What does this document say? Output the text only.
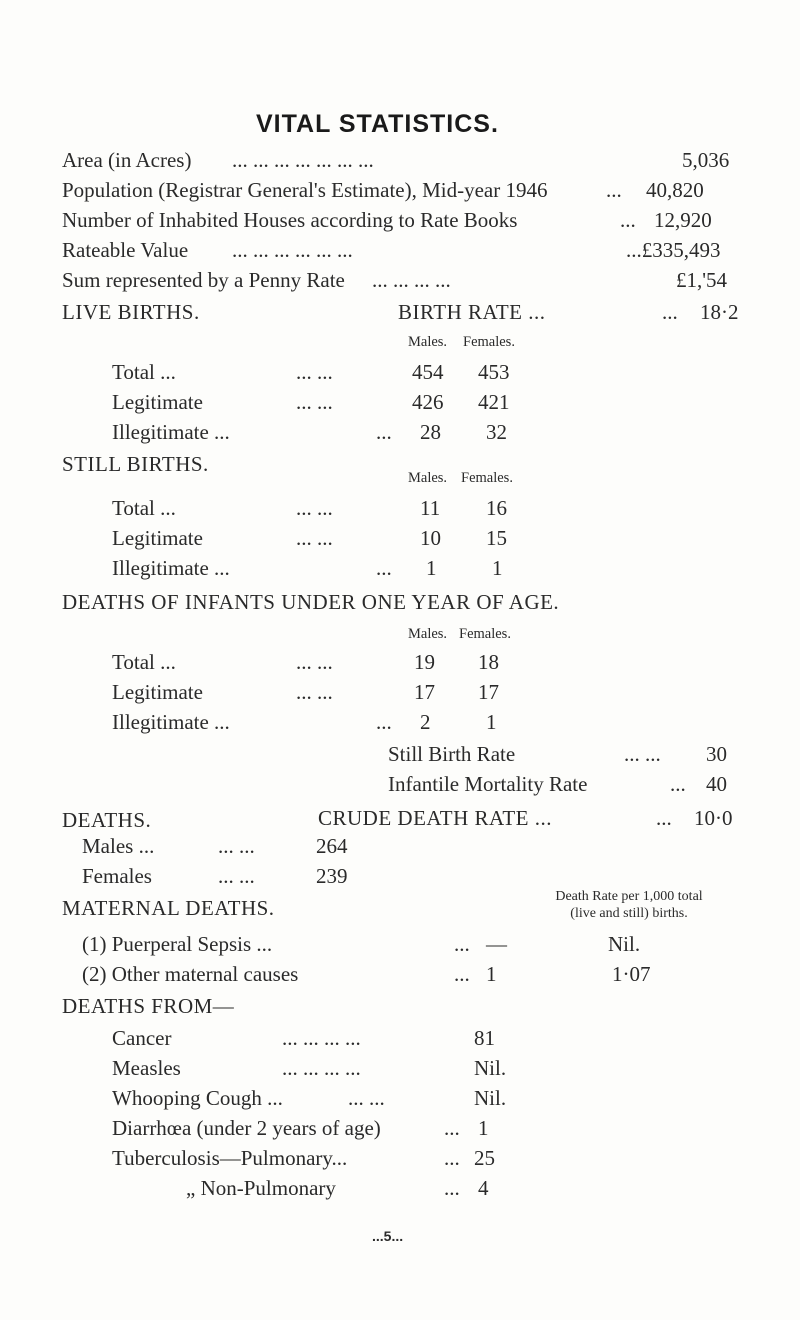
VITAL STATISTICS.
Area (in Acres) ... ... ... ... ... ... ...	5,036
Population (Registrar General's Estimate), Mid-year 1946	... 40,820
Number of Inhabited Houses according to Rate Books	... 12,920
Rateable Value ... ... ... ... ... ...	...£335,493
Sum represented by a Penny Rate ... ... ... ...	£1,'54
LIVE BIRTHS.	BIRTH RATE ...	... 18·2
Males. Females.
Total ...	... ...	454 453
Legitimate	... ...	426 421
Illegitimate ...	... 28 32
STILL BIRTHS.
Males. Females.
Total ...	... ...	11 16
Legitimate	... ...	10 15
Illegitimate ...	... 1	1
DEATHS OF INFANTS UNDER ONE YEAR OF AGE.
Males. Females.
Total ...	... ...	19 18
Legitimate	... ...	17 17
Illegitimate ...	... 2	1
Still Birth Rate	... ... 30
Infantile Mortality Rate	... 40
DEATHS.	CRUDE DEATH RATE ...	... 10·0
Males ...	... ...	264
Females	... ...	239
MATERNAL DEATHS.	Death Rate per 1,000 total
(live and still) births.
(1) Puerperal Sepsis ...	... —	Nil.
(2) Other maternal causes	... 1	1·07
DEATHS FROM—
Cancer	... ... ... ...	81
Measles	... ... ... ...	Nil.
Whooping Cough ...	... ...	Nil.
Diarrhœa (under 2 years of age)	... 1
Tuberculosis—Pulmonary...	... 25
„ Non-Pulmonary	... 4
...5...
